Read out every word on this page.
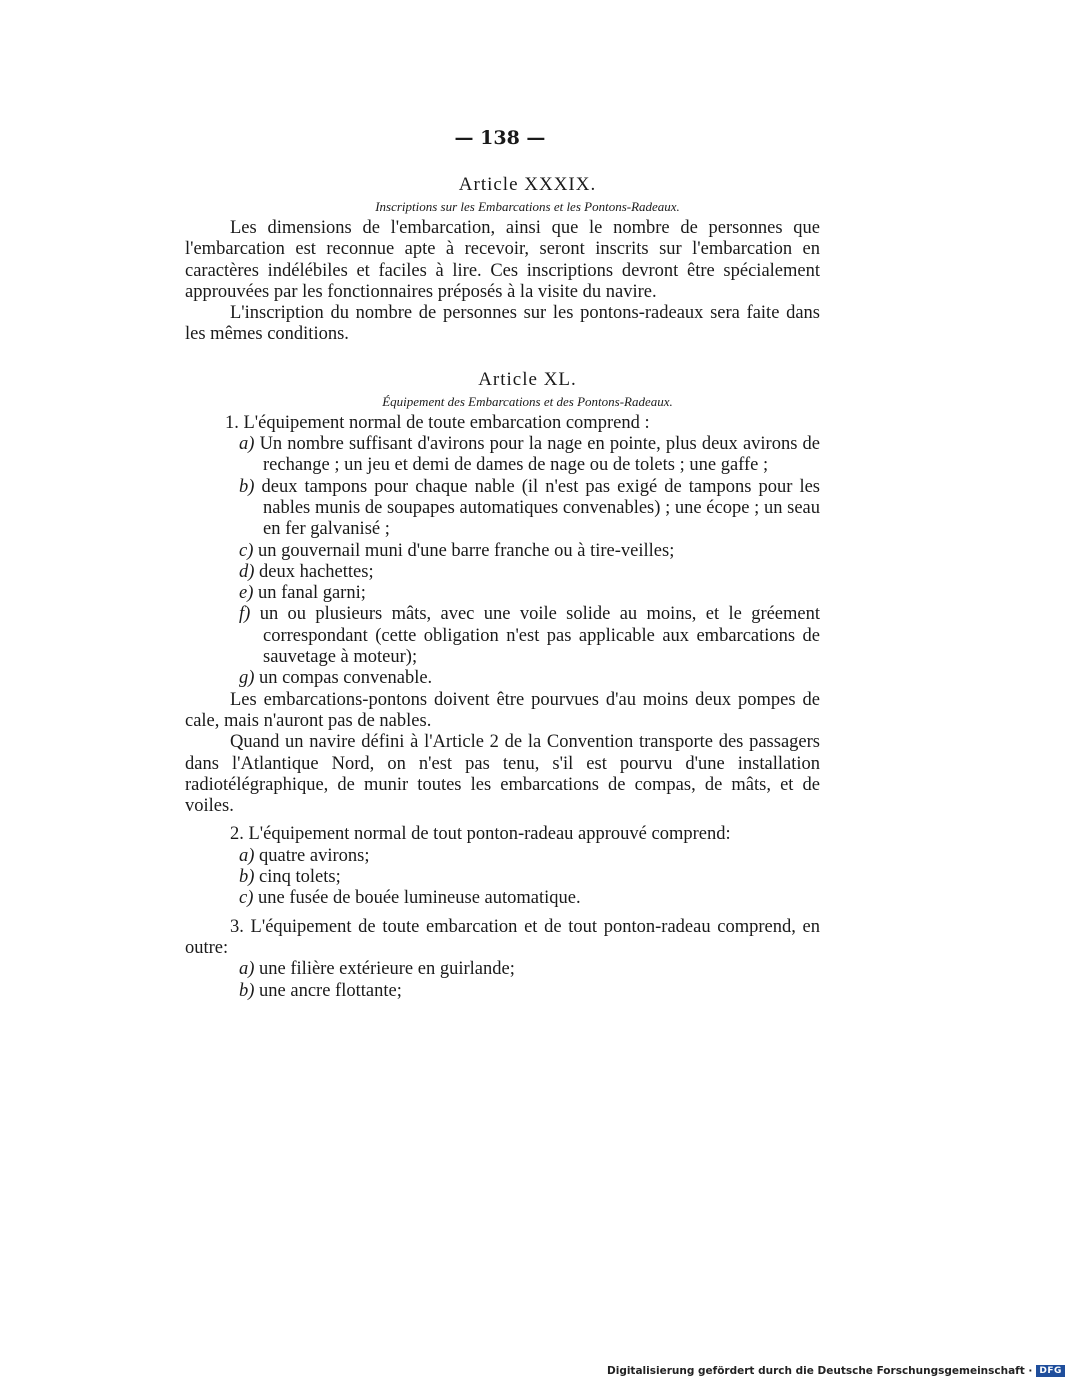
— 138 —
Article XXXIX.
Inscriptions sur les Embarcations et les Pontons-Radeaux.

Les dimensions de l'embarcation, ainsi que le nombre de personnes que l'embarcation est reconnue apte à recevoir, seront inscrits sur l'embarcation en caractères indélébiles et faciles à lire. Ces inscriptions devront être spécialement approuvées par les fonctionnaires préposés à la visite du navire.

L'inscription du nombre de personnes sur les pontons-radeaux sera faite dans les mêmes conditions.

Article XL.
Équipement des Embarcations et des Pontons-Radeaux.

1. L'équipement normal de toute embarcation comprend :

a) Un nombre suffisant d'avirons pour la nage en pointe, plus deux avirons de rechange ; un jeu et demi de dames de nage ou de tolets ; une gaffe ;

b) deux tampons pour chaque nable (il n'est pas exigé de tampons pour les nables munis de soupapes automatiques convenables) ; une écope ; un seau en fer galvanisé ;

c) un gouvernail muni d'une barre franche ou à tire-veilles;

d) deux hachettes;

e) un fanal garni;

f) un ou plusieurs mâts, avec une voile solide au moins, et le gréement correspondant (cette obligation n'est pas applicable aux embarcations de sauvetage à moteur);

g) un compas convenable.

Les embarcations-pontons doivent être pourvues d'au moins deux pompes de cale, mais n'auront pas de nables.

Quand un navire défini à l'Article 2 de la Convention transporte des passagers dans l'Atlantique Nord, on n'est pas tenu, s'il est pourvu d'une installation radiotélégraphique, de munir toutes les embarcations de compas, de mâts, et de voiles.

2. L'équipement normal de tout ponton-radeau approuvé comprend:

a) quatre avirons;

b) cinq tolets;

c) une fusée de bouée lumineuse automatique.

3. L'équipement de toute embarcation et de tout ponton-radeau comprend, en outre:

a) une filière extérieure en guirlande;

b) une ancre flottante;

Digitalisierung gefördert durch die Deutsche Forschungsgemeinschaft · DFG
